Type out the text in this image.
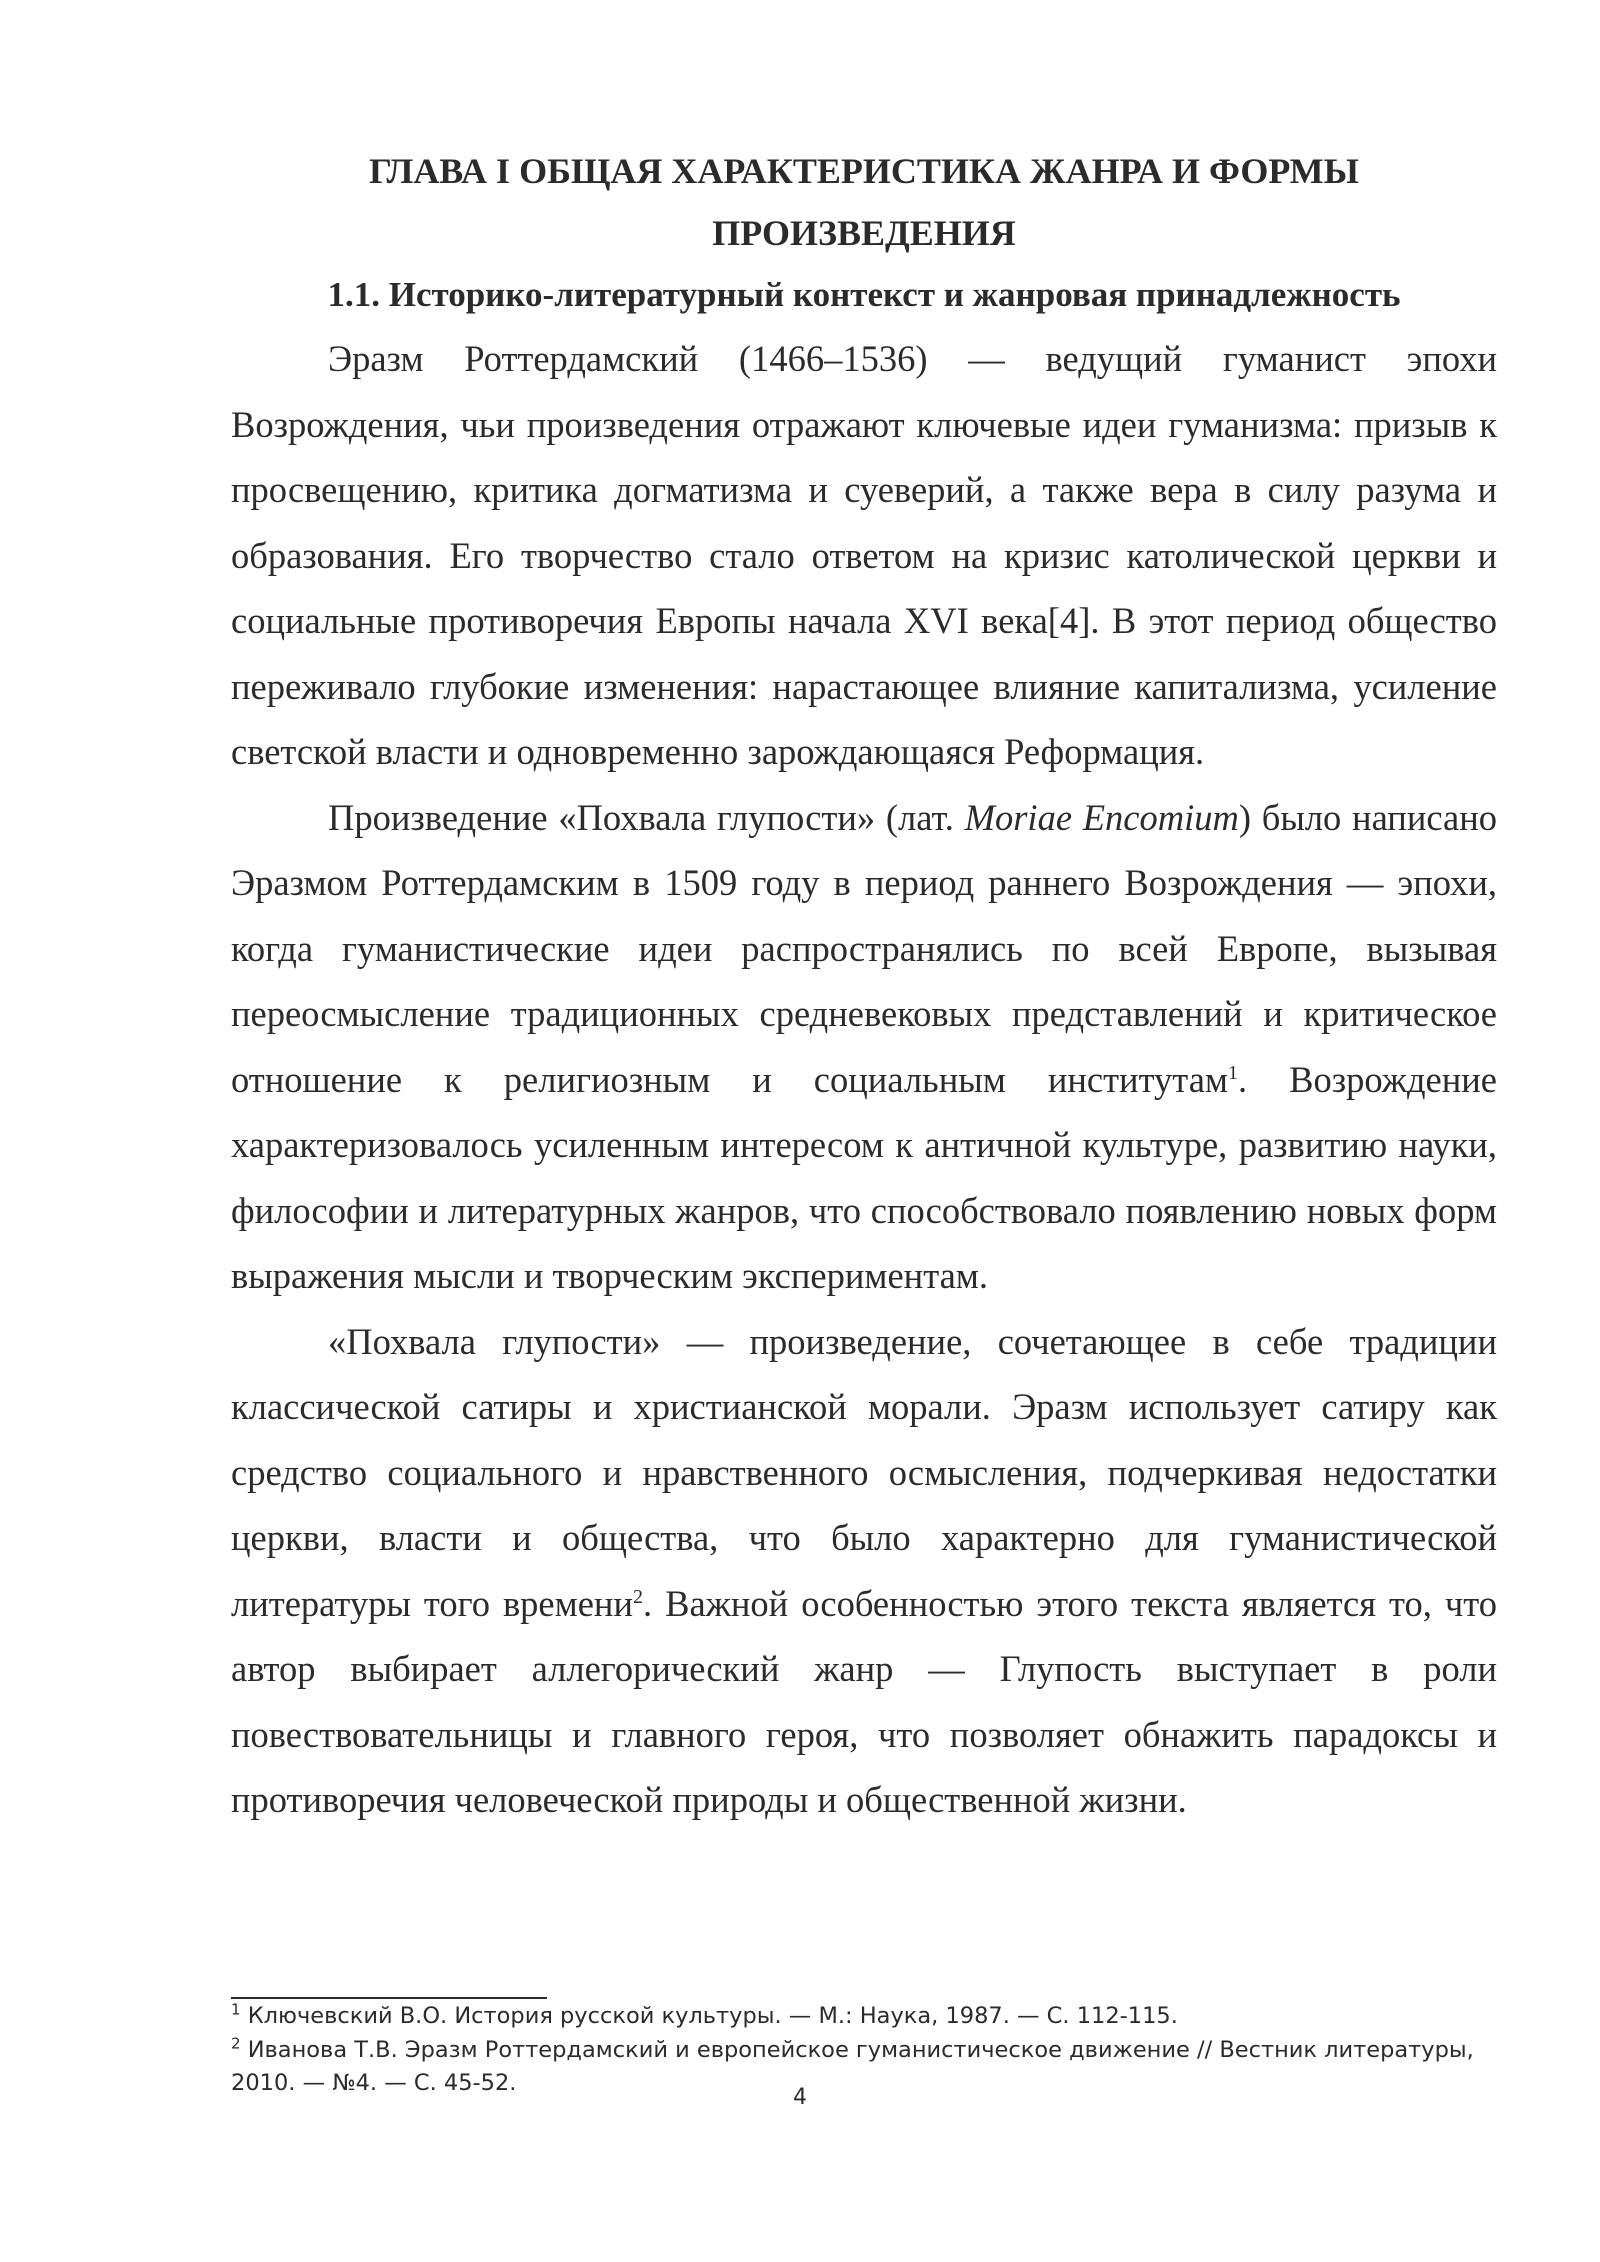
ГЛАВА I ОБЩАЯ ХАРАКТЕРИСТИКА ЖАНРА И ФОРМЫ
ПРОИЗВЕДЕНИЯ
1.1. Историко-литературный контекст и жанровая принадлежность

Эразм Роттердамский (1466–1536) — ведущий гуманист эпохи Возрождения, чьи произведения отражают ключевые идеи гуманизма: призыв к просвещению, критика догматизма и суеверий, а также вера в силу разума и образования. Его творчество стало ответом на кризис католической церкви и социальные противоречия Европы начала XVI века[4]. В этот период общество переживало глубокие изменения: нарастающее влияние капитализма, усиление светской власти и одновременно зарождающаяся Реформация.

Произведение «Похвала глупости» (лат. Moriae Encomium) было написано Эразмом Роттердамским в 1509 году в период раннего Возрождения — эпохи, когда гуманистические идеи распространялись по всей Европе, вызывая переосмысление традиционных средневековых представлений и критическое отношение к религиозным и социальным институтам$^1$. Возрождение характеризовалось усиленным интересом к античной культуре, развитию науки, философии и литературных жанров, что способствовало появлению новых форм выражения мысли и творческим экспериментам.

«Похвала глупости» — произведение, сочетающее в себе традиции классической сатиры и христианской морали. Эразм использует сатиру как средство социального и нравственного осмысления, подчеркивая недостатки церкви, власти и общества, что было характерно для гуманистической литературы того времени$^2$. Важной особенностью этого текста является то, что автор выбирает аллегорический жанр — Глупость выступает в роли повествовательницы и главного героя, что позволяет обнажить парадоксы и противоречия человеческой природы и общественной жизни.

$^1$ Ключевский В.О. История русской культуры. — М.: Наука, 1987. — С. 112-115.

$^2$ Иванова Т.В. Эразм Роттердамский и европейское гуманистическое движение // Вестник литературы, 2010. — №4. — С. 45-52.

4
